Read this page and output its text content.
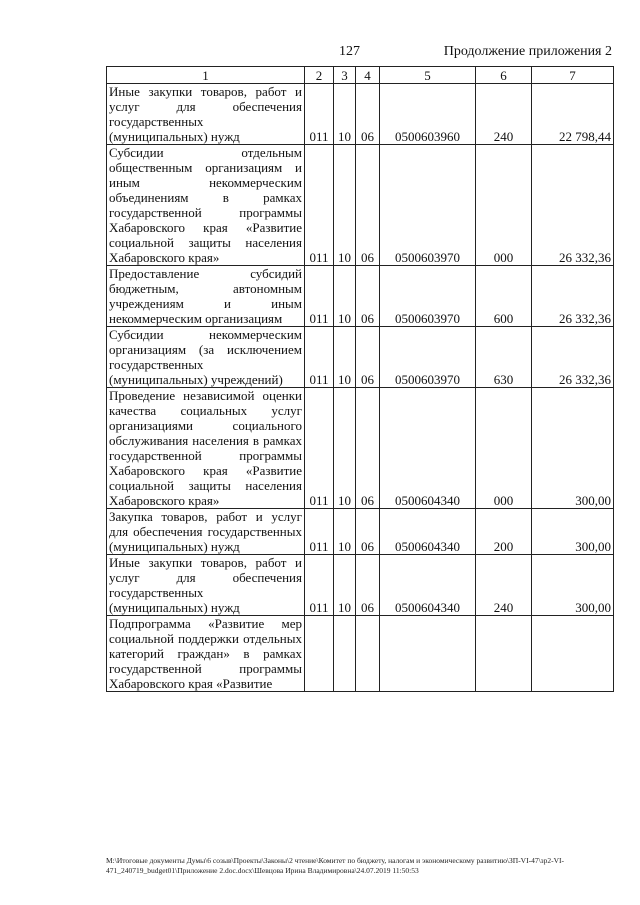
127	Продолжение приложения 2
1	2	3	4	5	6	7
Иные закупки товаров, работ и услуг для обеспечения государственных (муниципальных) нужд	011	10	06	0500603960	240	22 798,44
Субсидии отдельным общественным организациям и иным некоммерческим объединениям в рамках государственной программы Хабаровского края «Развитие социальной защиты населения Хабаровского края»	011	10	06	0500603970	000	26 332,36
Предоставление субсидий бюджетным, автономным учреждениям и иным некоммерческим организациям	011	10	06	0500603970	600	26 332,36
Субсидии некоммерческим организациям (за исключением государственных (муниципальных) учреждений)	011	10	06	0500603970	630	26 332,36
Проведение независимой оценки качества социальных услуг организациями социального обслуживания населения в рамках государственной программы Хабаровского края «Развитие социальной защиты населения Хабаровского края»	011	10	06	0500604340	000	300,00
Закупка товаров, работ и услуг для обеспечения государственных (муниципальных) нужд	011	10	06	0500604340	200	300,00
Иные закупки товаров, работ и услуг для обеспечения государственных (муниципальных) нужд	011	10	06	0500604340	240	300,00
Подпрограмма «Развитие мер социальной поддержки отдельных категорий граждан» в рамках государственной программы Хабаровского края «Развитие						
M:\Итоговые документы Думы\6 созыв\Проекты\Законы\2 чтение\Комитет по бюджету, налогам и экономическому развитию\ЗП-VI-47\зр2-VI-471_240719_budget01\Приложение 2.doc.docx\Шевцова Ирина Владимировна\24.07.2019 11:50:53
